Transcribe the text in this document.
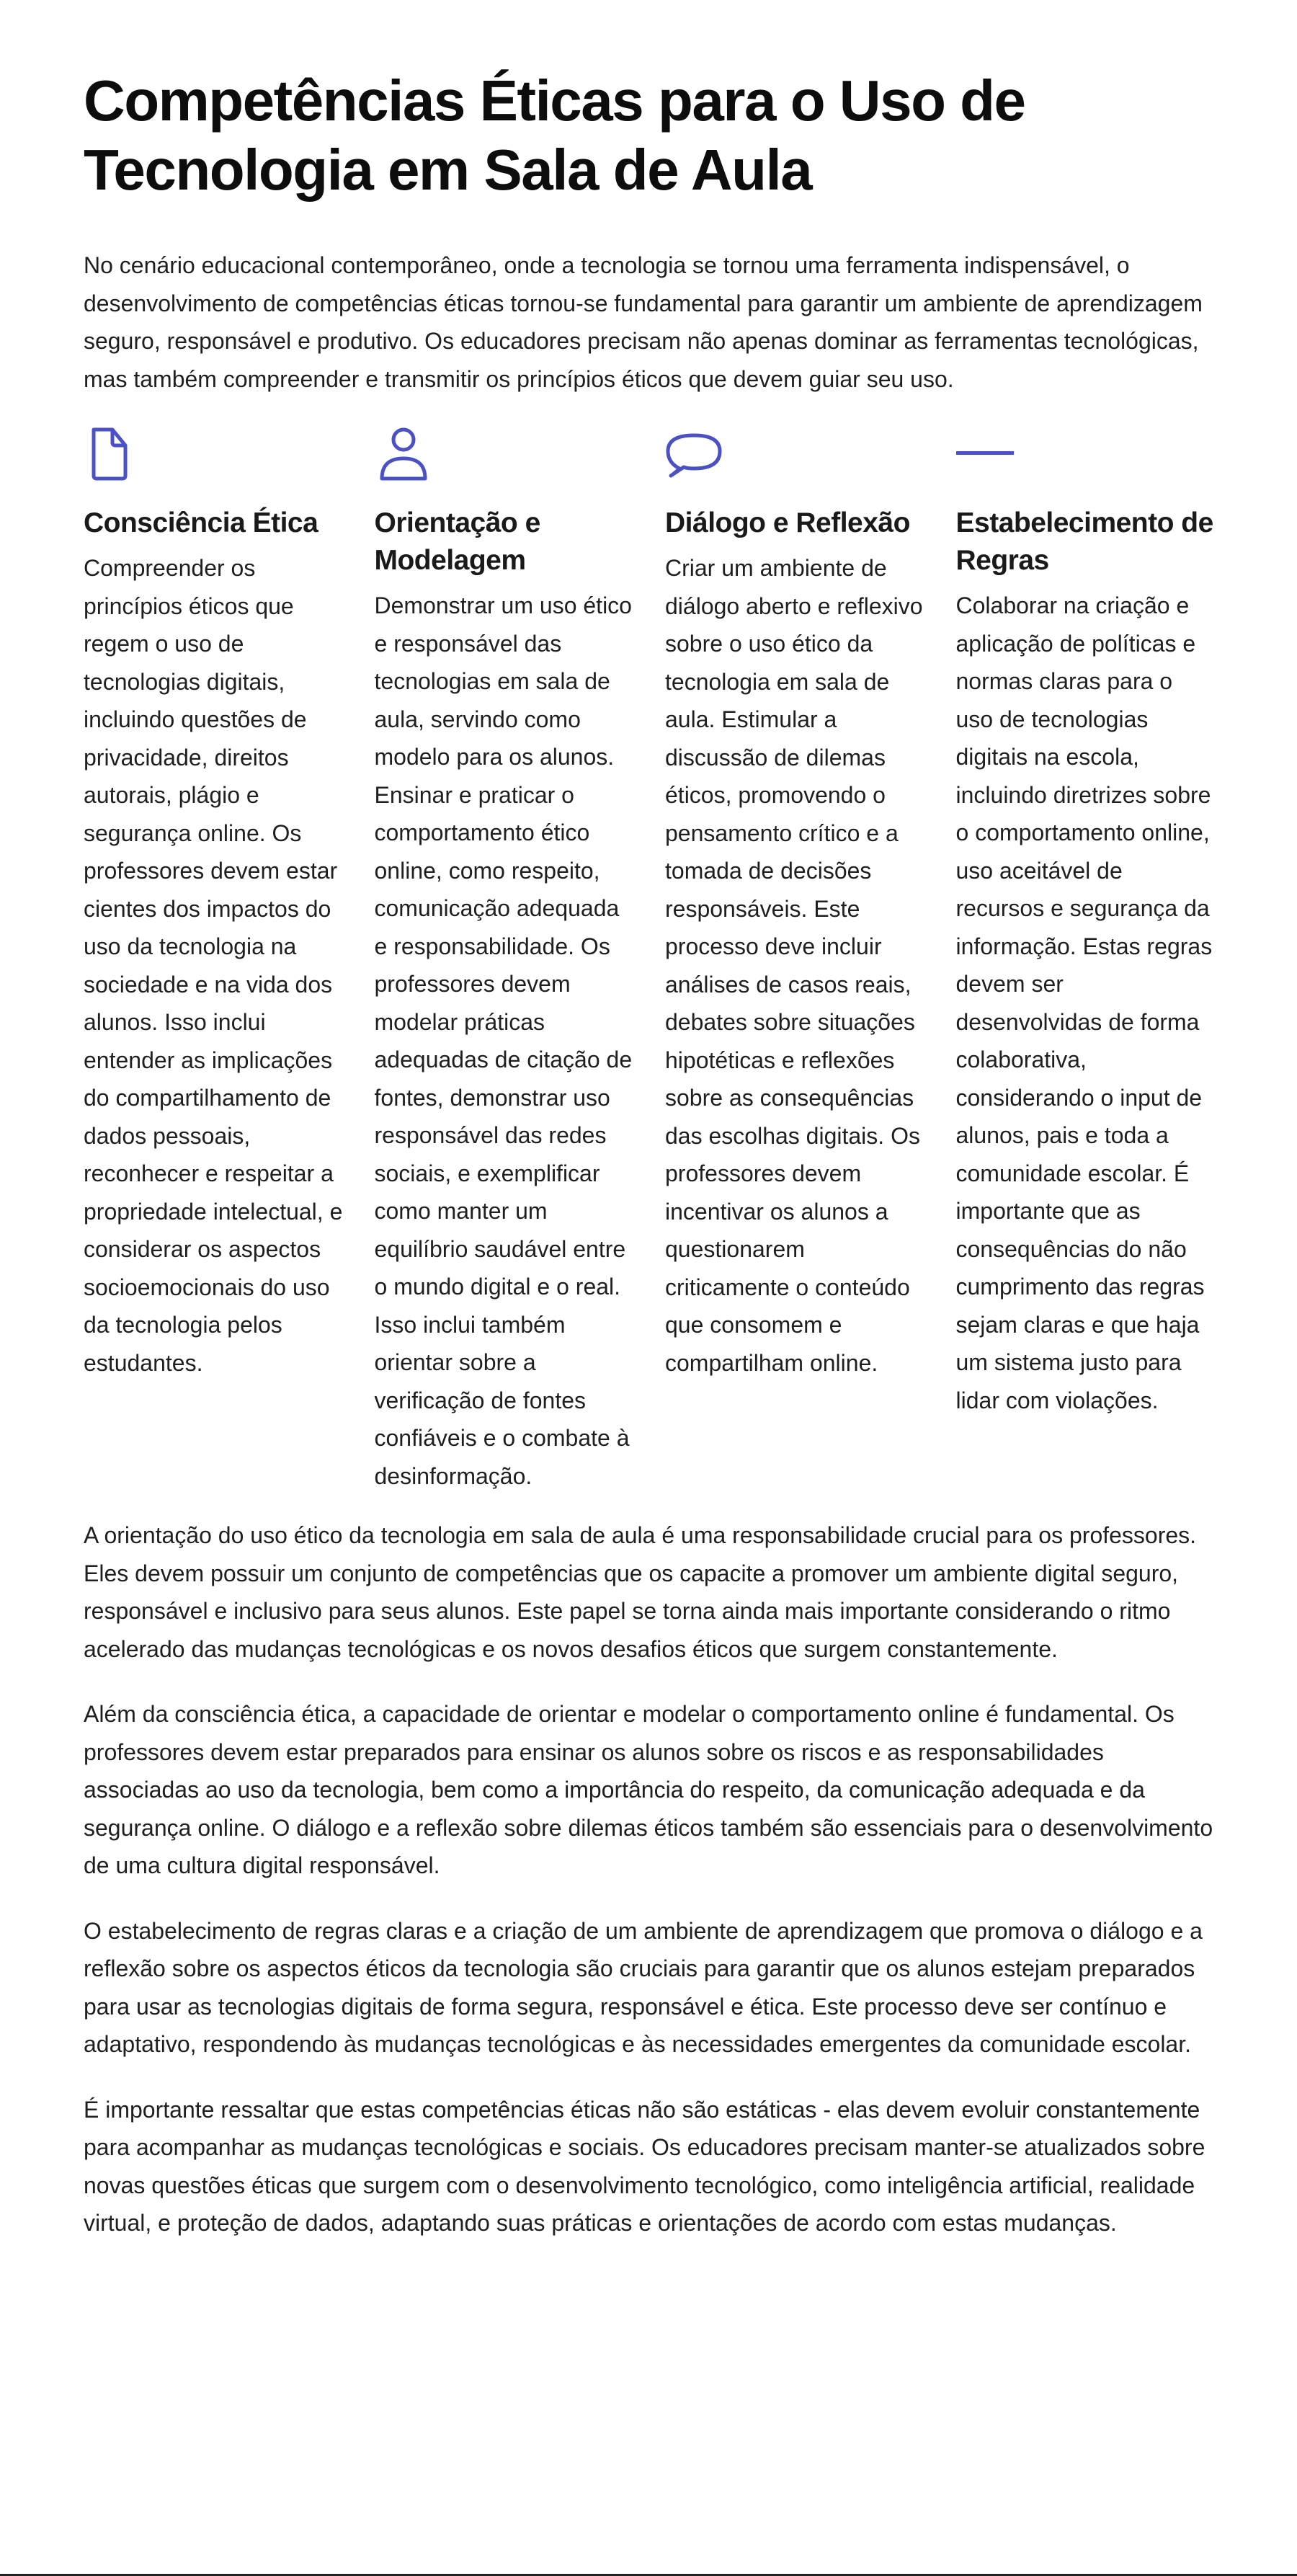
Competências Éticas para o Uso de Tecnologia em Sala de Aula

No cenário educacional contemporâneo, onde a tecnologia se tornou uma ferramenta indispensável, o desenvolvimento de competências éticas tornou-se fundamental para garantir um ambiente de aprendizagem seguro, responsável e produtivo. Os educadores precisam não apenas dominar as ferramentas tecnológicas, mas também compreender e transmitir os princípios éticos que devem guiar seu uso.

Consciência Ética

Compreender os princípios éticos que regem o uso de tecnologias digitais, incluindo questões de privacidade, direitos autorais, plágio e segurança online. Os professores devem estar cientes dos impactos do uso da tecnologia na sociedade e na vida dos alunos. Isso inclui entender as implicações do compartilhamento de dados pessoais, reconhecer e respeitar a propriedade intelectual, e considerar os aspectos socioemocionais do uso da tecnologia pelos estudantes.

Orientação e Modelagem

Demonstrar um uso ético e responsável das tecnologias em sala de aula, servindo como modelo para os alunos. Ensinar e praticar o comportamento ético online, como respeito, comunicação adequada e responsabilidade. Os professores devem modelar práticas adequadas de citação de fontes, demonstrar uso responsável das redes sociais, e exemplificar como manter um equilíbrio saudável entre o mundo digital e o real. Isso inclui também orientar sobre a verificação de fontes confiáveis e o combate à desinformação.

Diálogo e Reflexão

Criar um ambiente de diálogo aberto e reflexivo sobre o uso ético da tecnologia em sala de aula. Estimular a discussão de dilemas éticos, promovendo o pensamento crítico e a tomada de decisões responsáveis. Este processo deve incluir análises de casos reais, debates sobre situações hipotéticas e reflexões sobre as consequências das escolhas digitais. Os professores devem incentivar os alunos a questionarem criticamente o conteúdo que consomem e compartilham online.

Estabelecimento de Regras

Colaborar na criação e aplicação de políticas e normas claras para o uso de tecnologias digitais na escola, incluindo diretrizes sobre o comportamento online, uso aceitável de recursos e segurança da informação. Estas regras devem ser desenvolvidas de forma colaborativa, considerando o input de alunos, pais e toda a comunidade escolar. É importante que as consequências do não cumprimento das regras sejam claras e que haja um sistema justo para lidar com violações.

A orientação do uso ético da tecnologia em sala de aula é uma responsabilidade crucial para os professores. Eles devem possuir um conjunto de competências que os capacite a promover um ambiente digital seguro, responsável e inclusivo para seus alunos. Este papel se torna ainda mais importante considerando o ritmo acelerado das mudanças tecnológicas e os novos desafios éticos que surgem constantemente.

Além da consciência ética, a capacidade de orientar e modelar o comportamento online é fundamental. Os professores devem estar preparados para ensinar os alunos sobre os riscos e as responsabilidades associadas ao uso da tecnologia, bem como a importância do respeito, da comunicação adequada e da segurança online. O diálogo e a reflexão sobre dilemas éticos também são essenciais para o desenvolvimento de uma cultura digital responsável.

O estabelecimento de regras claras e a criação de um ambiente de aprendizagem que promova o diálogo e a reflexão sobre os aspectos éticos da tecnologia são cruciais para garantir que os alunos estejam preparados para usar as tecnologias digitais de forma segura, responsável e ética. Este processo deve ser contínuo e adaptativo, respondendo às mudanças tecnológicas e às necessidades emergentes da comunidade escolar.

É importante ressaltar que estas competências éticas não são estáticas - elas devem evoluir constantemente para acompanhar as mudanças tecnológicas e sociais. Os educadores precisam manter-se atualizados sobre novas questões éticas que surgem com o desenvolvimento tecnológico, como inteligência artificial, realidade virtual, e proteção de dados, adaptando suas práticas e orientações de acordo com estas mudanças.
